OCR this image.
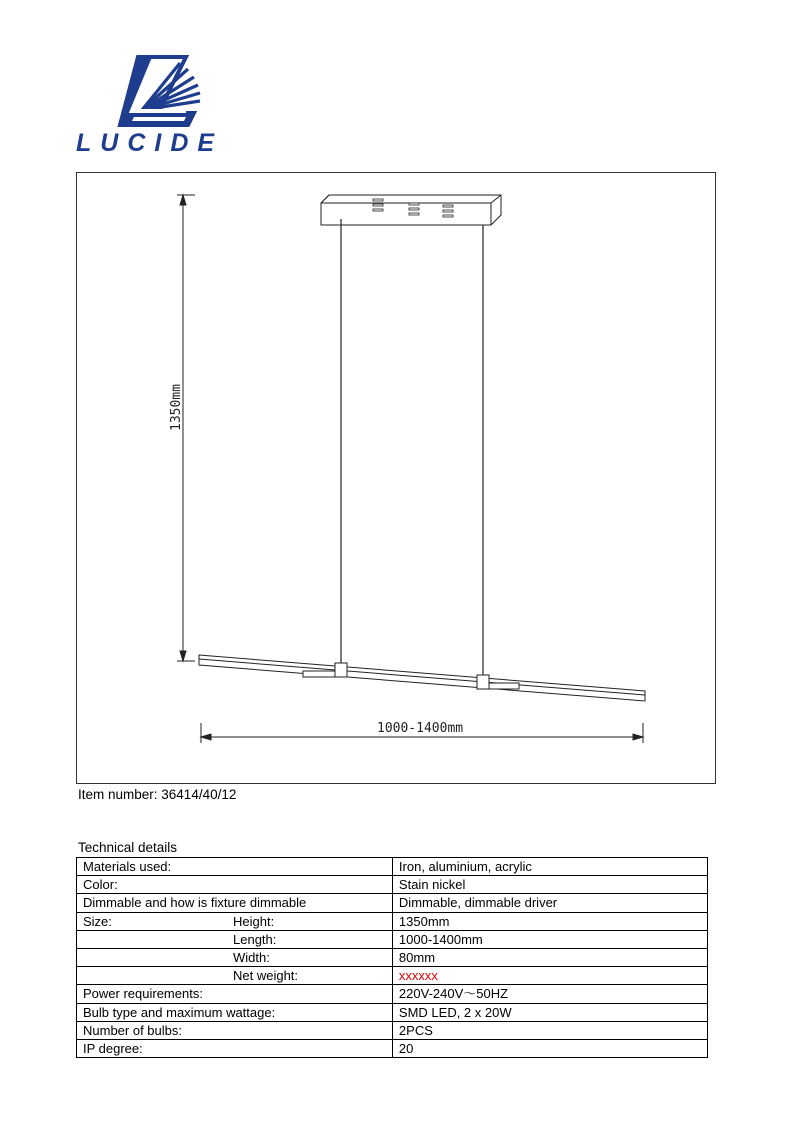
LUCIDE
1350mm
1000-1400mm
Item number: 36414/40/12
Technical details
Materials used:	Iron, aluminium, acrylic
Color:	Stain nickel
Dimmable and how is fixture dimmable	Dimmable, dimmable driver
Size: Height:	1350mm
Length:	1000-1400mm
Width:	80mm
Net weight:	xxxxxx
Power requirements:	220V-240V〜50HZ
Bulb type and maximum wattage:	SMD LED, 2 x 20W
Number of bulbs:	2PCS
IP degree:	20
